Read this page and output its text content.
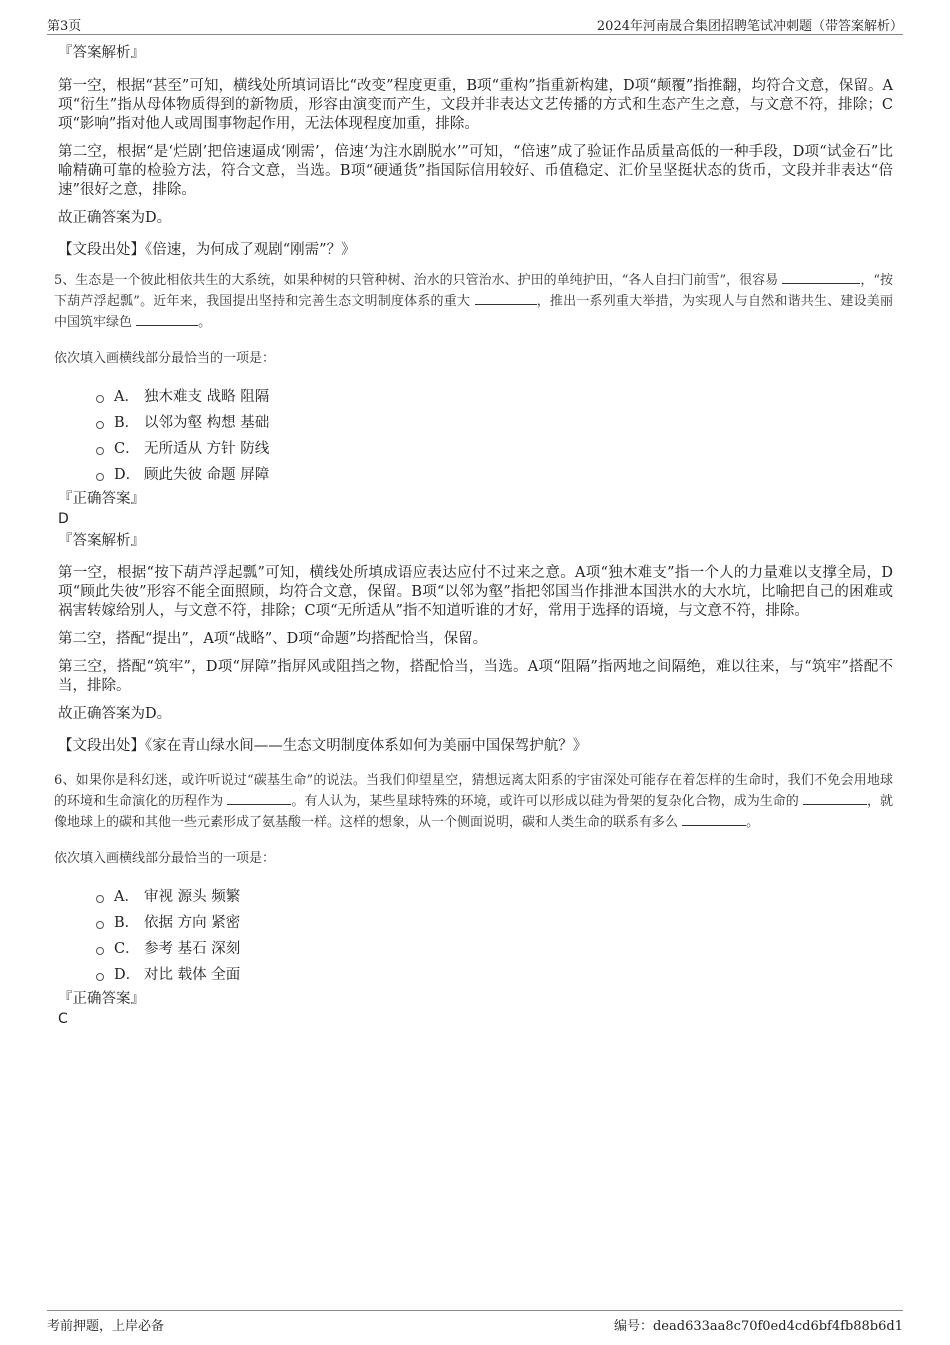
第3页	2024年河南晟合集团招聘笔试冲刺题（带答案解析）
『答案解析』

第一空，根据“甚至”可知，横线处所填词语比“改变”程度更重，B项“重构”指重新构建，D项“颠覆”指推翻，均符合文意，保留。A项“衍生”指从母体物质得到的新物质，形容由演变而产生，文段并非表达文艺传播的方式和生态产生之意，与文意不符，排除；C项“影响”指对他人或周围事物起作用，无法体现程度加重，排除。

第二空，根据“是‘烂剧’把倍速逼成‘刚需’，倍速‘为注水剧脱水’”可知，“倍速”成了验证作品质量高低的一种手段，D项“试金石”比喻精确可靠的检验方法，符合文意，当选。B项“硬通货”指国际信用较好、币值稳定、汇价呈坚挺状态的货币，文段并非表达“倍速”很好之意，排除。

故正确答案为D。

【文段出处】《倍速，为何成了观剧“刚需”？》

5、生态是一个彼此相依共生的大系统，如果种树的只管种树、治水的只管治水、护田的单纯护田，“各人自扫门前雪”，很容易	，“按下葫芦浮起瓢”。近年来，我国提出坚持和完善生态文明制度体系的重大	，推出一系列重大举措，为实现人与自然和谐共生、建设美丽中国筑牢绿色	。
依次填入画横线部分最恰当的一项是：
A． 独木难支 战略 阻隔
B． 以邻为壑 构想 基础
C． 无所适从 方针 防线
D． 顾此失彼 命题 屏障
『正确答案』
D
『答案解析』

第一空，根据“按下葫芦浮起瓢”可知，横线处所填成语应表达应付不过来之意。A项“独木难支”指一个人的力量难以支撑全局，D项“顾此失彼”形容不能全面照顾，均符合文意，保留。B项“以邻为壑”指把邻国当作排泄本国洪水的大水坑，比喻把自己的困难或祸害转嫁给别人，与文意不符，排除；C项“无所适从”指不知道听谁的才好，常用于选择的语境，与文意不符，排除。

第二空，搭配“提出”，A项“战略”、D项“命题”均搭配恰当，保留。

第三空，搭配“筑牢”，D项“屏障”指屏风或阻挡之物，搭配恰当，当选。A项“阻隔”指两地之间隔绝，难以往来，与“筑牢”搭配不当，排除。

故正确答案为D。

【文段出处】《家在青山绿水间——生态文明制度体系如何为美丽中国保驾护航？》

6、如果你是科幻迷，或许听说过“碳基生命”的说法。当我们仰望星空，猜想远离太阳系的宇宙深处可能存在着怎样的生命时，我们不免会用地球的环境和生命演化的历程作为	。有人认为，某些星球特殊的环境，或许可以形成以硅为骨架的复杂化合物，成为生命的	，就像地球上的碳和其他一些元素形成了氨基酸一样。这样的想象，从一个侧面说明，碳和人类生命的联系有多么	。
依次填入画横线部分最恰当的一项是：
A． 审视 源头 频繁
B． 依据 方向 紧密
C． 参考 基石 深刻
D． 对比 载体 全面
『正确答案』
C
考前押题，上岸必备	编号：dead633aa8c70f0ed4cd6bf4fb88b6d1
